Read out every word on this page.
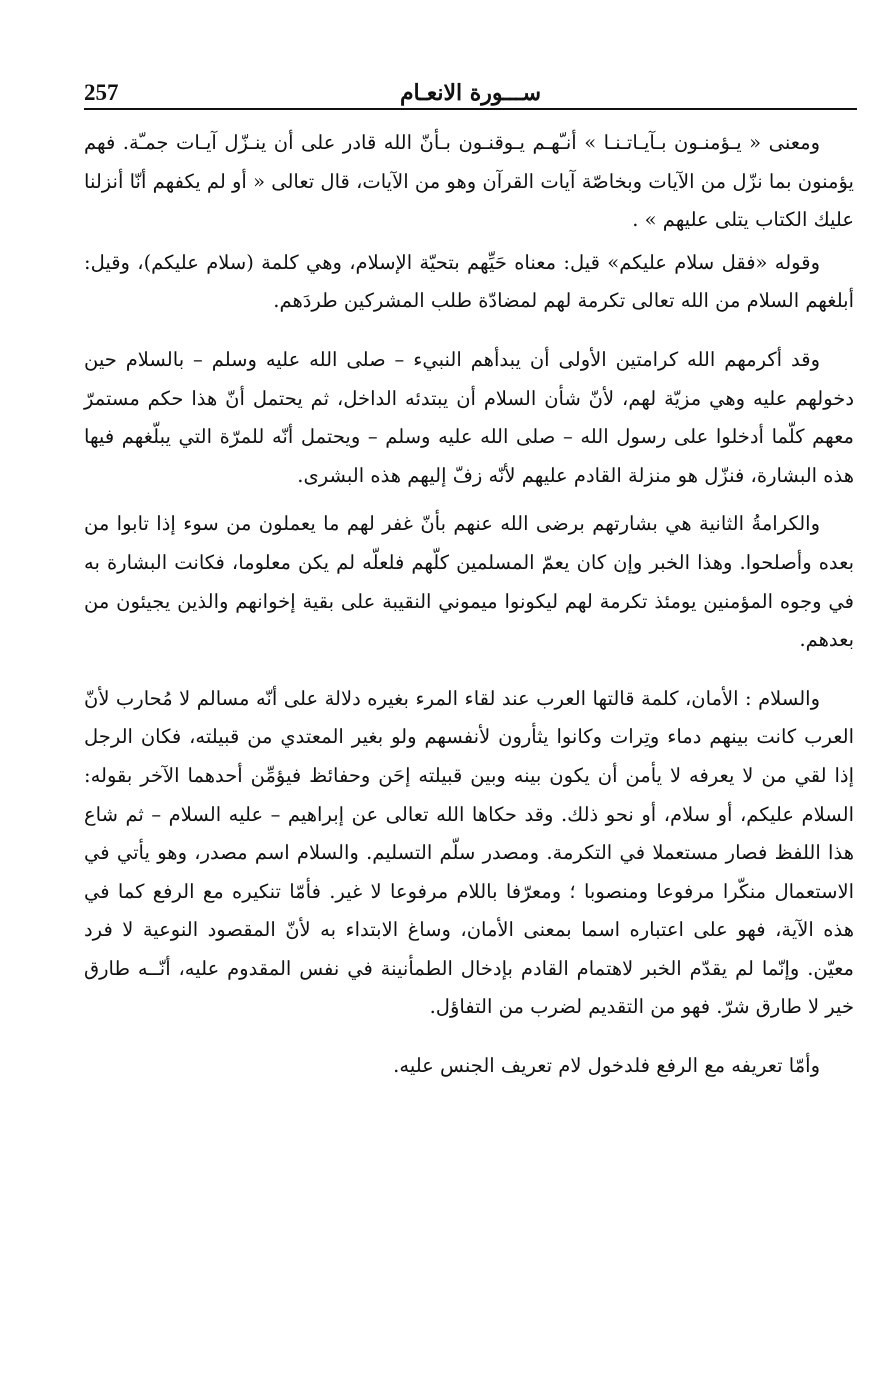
257	ســـورة الانعـام

ومعنى « يـؤمنـون بـآيـاتـنـا » أنـّهـم يـوقنـون بـأنّ الله قادر على أن ينـزّل آيـات جمـّة. فهم يؤمنون بما نزّل من الآيات وبخاصّة آيات القرآن وهو من الآيات، قال تعالى « أو لم يكفهم أنّا أنزلنا عليك الكتاب يتلى عليهم » .

وقوله «فقل سلام عليكم» قيل: معناه حَيِّهم بتحيّة الإسلام، وهي كلمة (سلام عليكم)، وقيل: أبلغهم السلام من الله تعالى تكرمة لهم لمضادّة طلب المشركين طردَهم.

وقد أكرمهم الله كرامتين الأولى أن يبدأهم النبيء – صلى الله عليه وسلم – بالسلام حين دخولهم عليه وهي مزيّة لهم، لأنّ شأن السلام أن يبتدئه الداخل، ثم يحتمل أنّ هذا حكم مستمرّ معهم كلّما أدخلوا على رسول الله – صلى الله عليه وسلم – ويحتمل أنّه للمرّة التي يبلّغهم فيها هذه البشارة، فنزّل هو منزلة القادم عليهم لأنّه زفّ إليهم هذه البشرى.

والكرامةُ الثانية هي بشارتهم برضى الله عنهم بأنّ غفر لهم ما يعملون من سوء إذا تابوا من بعده وأصلحوا. وهذا الخبر وإن كان يعمّ المسلمين كلّهم فلعلّه لم يكن معلوما، فكانت البشارة به في وجوه المؤمنين يومئذ تكرمة لهم ليكونوا ميموني النقيبة على بقية إخوانهم والذين يجيئون من بعدهم.

والسلام : الأمان، كلمة قالتها العرب عند لقاء المرء بغيره دلالة على أنّه مسالم لا مُحارب لأنّ العرب كانت بينهم دماء وتِرات وكانوا يثأرون لأنفسهم ولو بغير المعتدي من قبيلته، فكان الرجل إذا لقي من لا يعرفه لا يأمن أن يكون بينه وبين قبيلته إحَن وحفائظ فيؤمِّن أحدهما الآخر بقوله: السلام عليكم، أو سلام، أو نحو ذلك. وقد حكاها الله تعالى عن إبراهيم – عليه السلام – ثم شاع هذا اللفظ فصار مستعملا في التكرمة. ومصدر سلّم التسليم. والسلام اسم مصدر، وهو يأتي في الاستعمال منكّرا مرفوعا ومنصوبا ؛ ومعرّفا باللام مرفوعا لا غير. فأمّا تنكيره مع الرفع كما في هذه الآية، فهو على اعتباره اسما بمعنى الأمان، وساغ الابتداء به لأنّ المقصود النوعية لا فرد معيّن. وإنّما لم يقدّم الخبر لاهتمام القادم بإدخال الطمأنينة في نفس المقدوم عليه، أنّــه طارق خير لا طارق شرّ. فهو من التقديم لضرب من التفاؤل.

وأمّا تعريفه مع الرفع فلدخول لام تعريف الجنس عليه.
